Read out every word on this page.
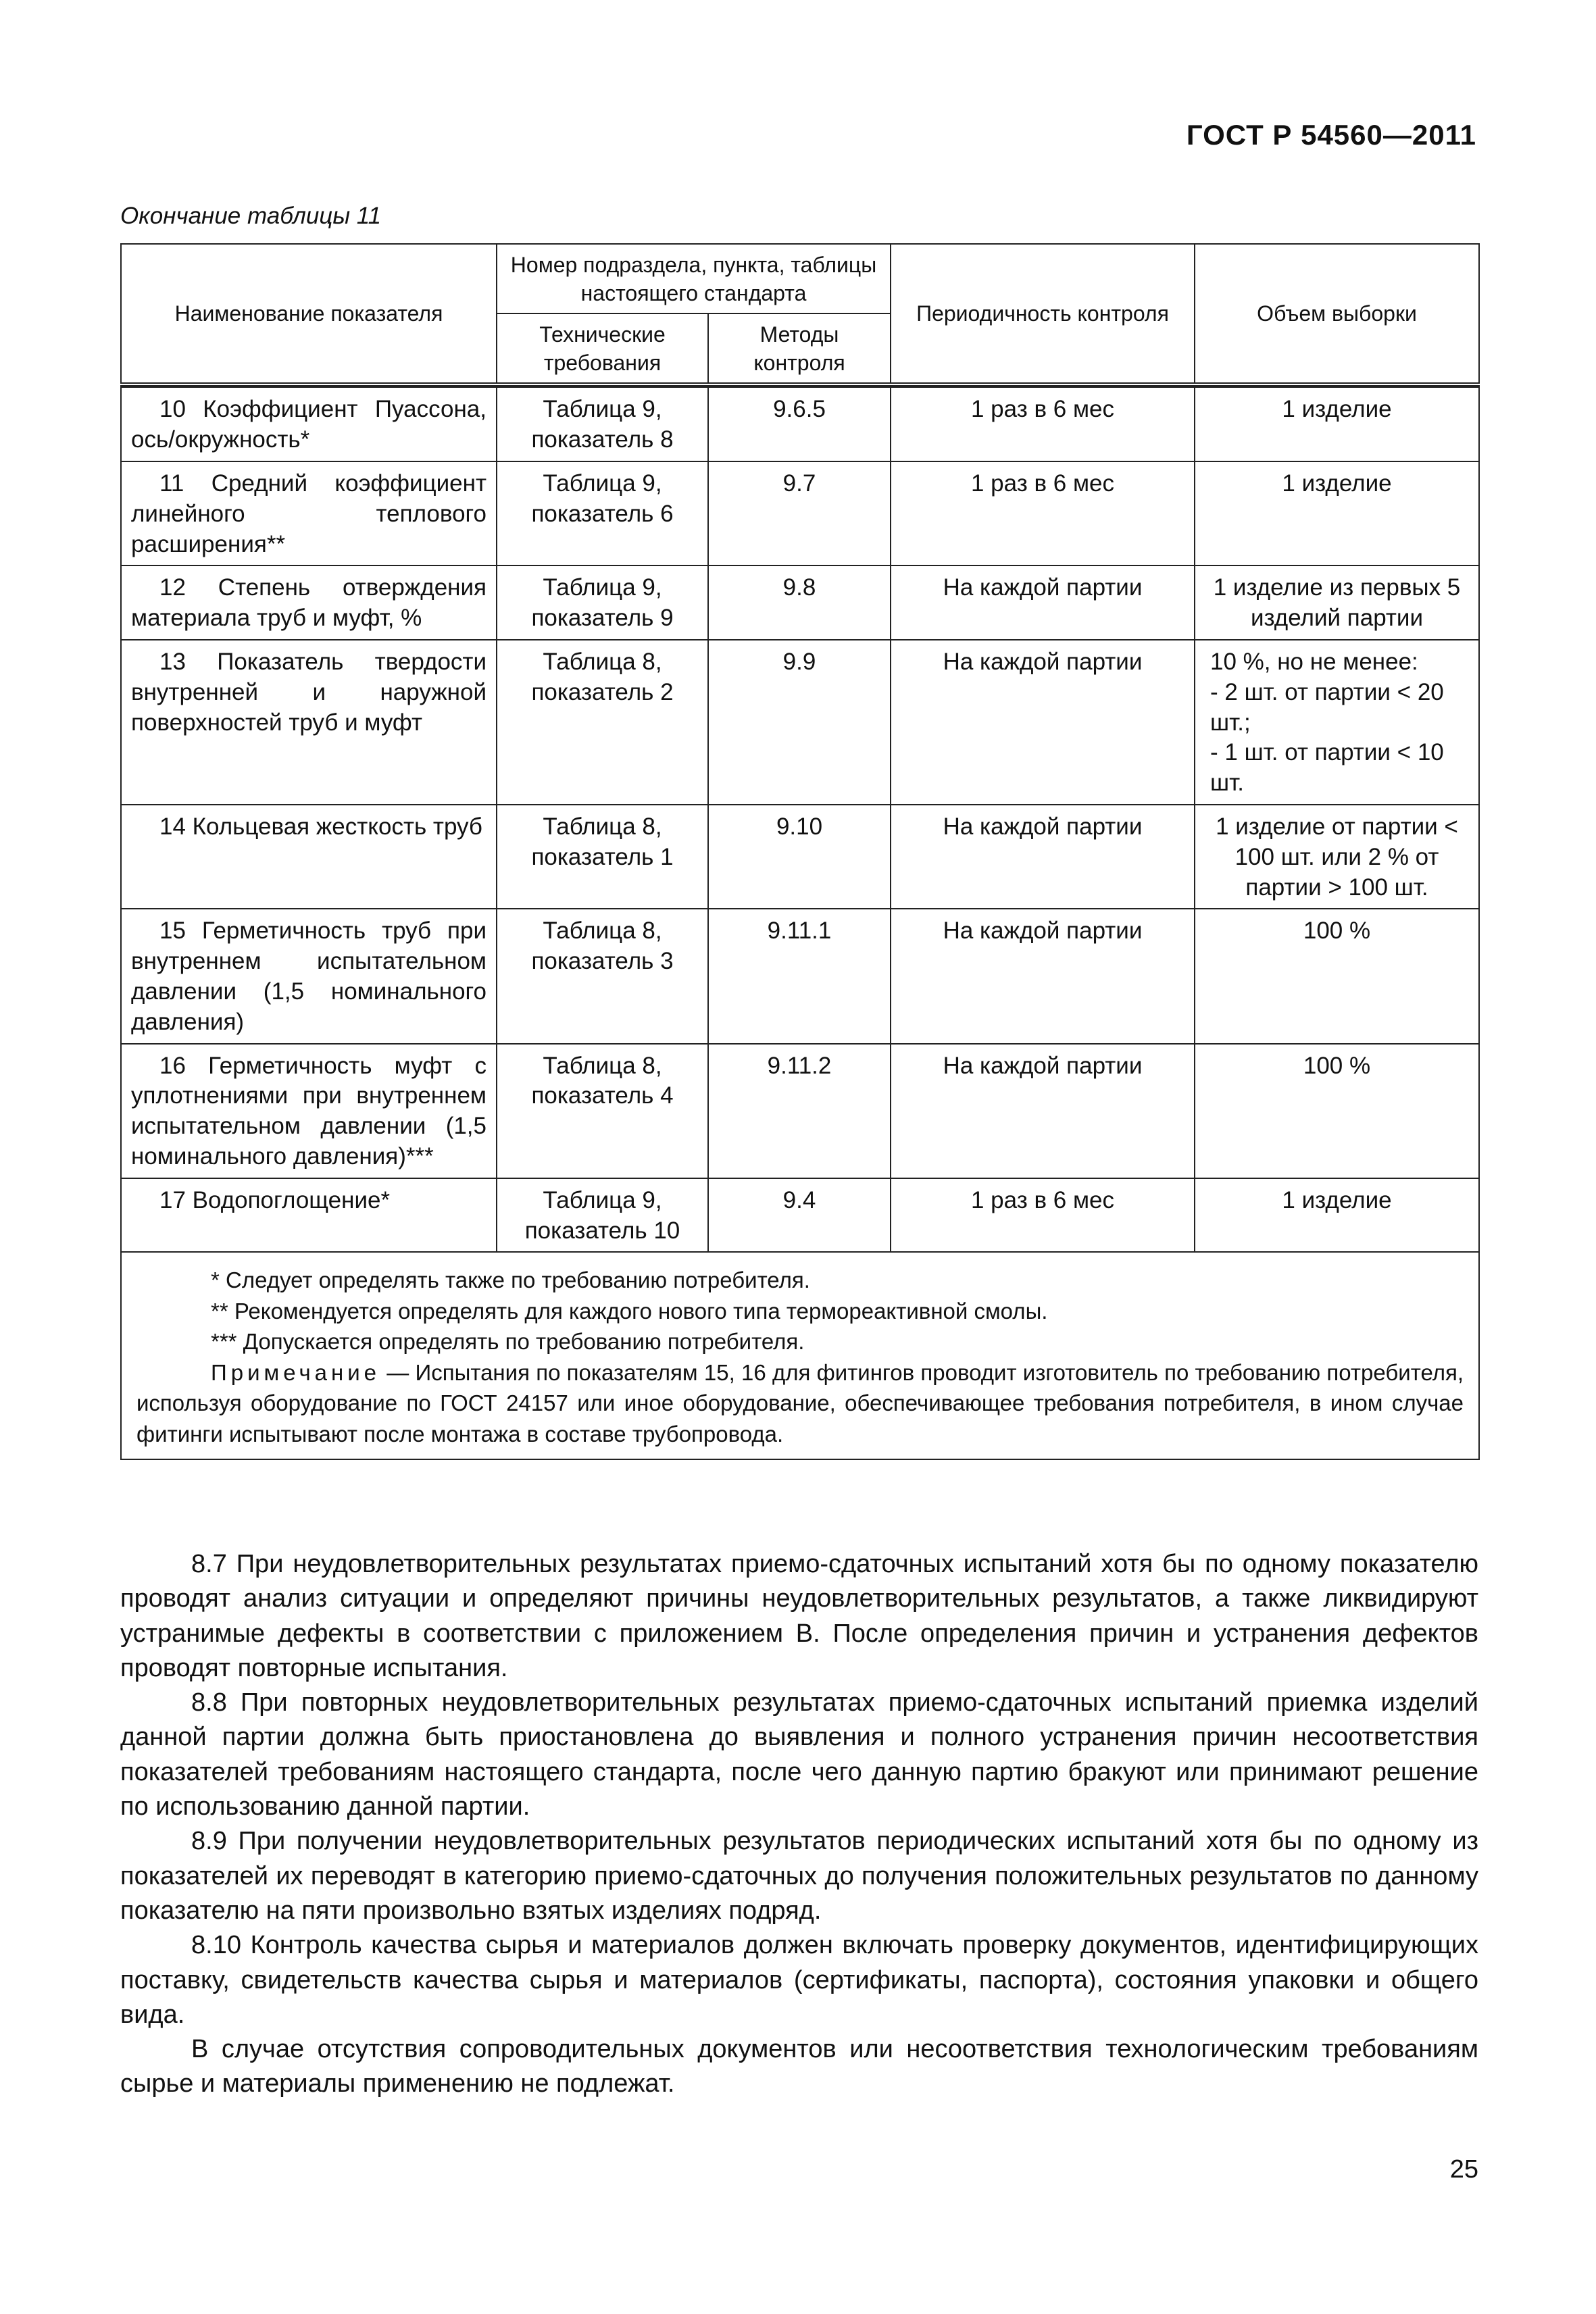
ГОСТ Р 54560—2011
Окончание таблицы 11
Наименование показателя	Номер подраздела, пункта, таблицы настоящего стандарта		Периодичность контроля	Объем выборки
	Технические требования	Методы контроля		

10 Коэффициент Пуассона, ось/окружность*	Таблица 9, показатель 8	9.6.5	1 раз в 6 мес	1 изделие
11 Средний коэффициент линейного теплового расширения**	Таблица 9, показатель 6	9.7	1 раз в 6 мес	1 изделие
12 Степень отверждения материала труб и муфт, %	Таблица 9, показатель 9	9.8	На каждой партии	1 изделие из первых 5 изделий партии
13 Показатель твердости внутренней и наружной поверхностей труб и муфт	Таблица 8, показатель 2	9.9	На каждой партии	10 %, но не менее:
- 2 шт. от партии < 20 шт.;
- 1 шт. от партии < 10 шт.
14 Кольцевая жесткость труб	Таблица 8, показатель 1	9.10	На каждой партии	1 изделие от партии < 100 шт. или 2 % от партии > 100 шт.
15 Герметичность труб при внутреннем испытательном давлении (1,5 номинального давления)	Таблица 8, показатель 3	9.11.1	На каждой партии	100 %
16 Герметичность муфт с уплотнениями при внутреннем испытательном давлении (1,5 номинального давления)***	Таблица 8, показатель 4	9.11.2	На каждой партии	100 %
17 Водопоглощение*	Таблица 9, показатель 10	9.4	1 раз в 6 мес	1 изделие

* Следует определять также по требованию потребителя.

** Рекомендуется определять для каждого нового типа термореактивной смолы.

*** Допускается определять по требованию потребителя.

Примечание — Испытания по показателям 15, 16 для фитингов проводит изготовитель по требованию потребителя, используя оборудование по ГОСТ 24157 или иное оборудование, обеспечивающее требования потребителя, в ином случае фитинги испытывают после монтажа в составе трубопровода.				

8.7 При неудовлетворительных результатах приемо-сдаточных испытаний хотя бы по одному показателю проводят анализ ситуации и определяют причины неудовлетворительных результатов, а также ликвидируют устранимые дефекты в соответствии с приложением В. После определения причин и устранения дефектов проводят повторные испытания.

8.8 При повторных неудовлетворительных результатах приемо-сдаточных испытаний приемка изделий данной партии должна быть приостановлена до выявления и полного устранения причин несоответствия показателей требованиям настоящего стандарта, после чего данную партию бракуют или принимают решение по использованию данной партии.

8.9 При получении неудовлетворительных результатов периодических испытаний хотя бы по одному из показателей их переводят в категорию приемо-сдаточных до получения положительных результатов по данному показателю на пяти произвольно взятых изделиях подряд.

8.10 Контроль качества сырья и материалов должен включать проверку документов, идентифицирующих поставку, свидетельств качества сырья и материалов (сертификаты, паспорта), состояния упаковки и общего вида.

В случае отсутствия сопроводительных документов или несоответствия технологическим требованиям сырье и материалы применению не подлежат.

25
